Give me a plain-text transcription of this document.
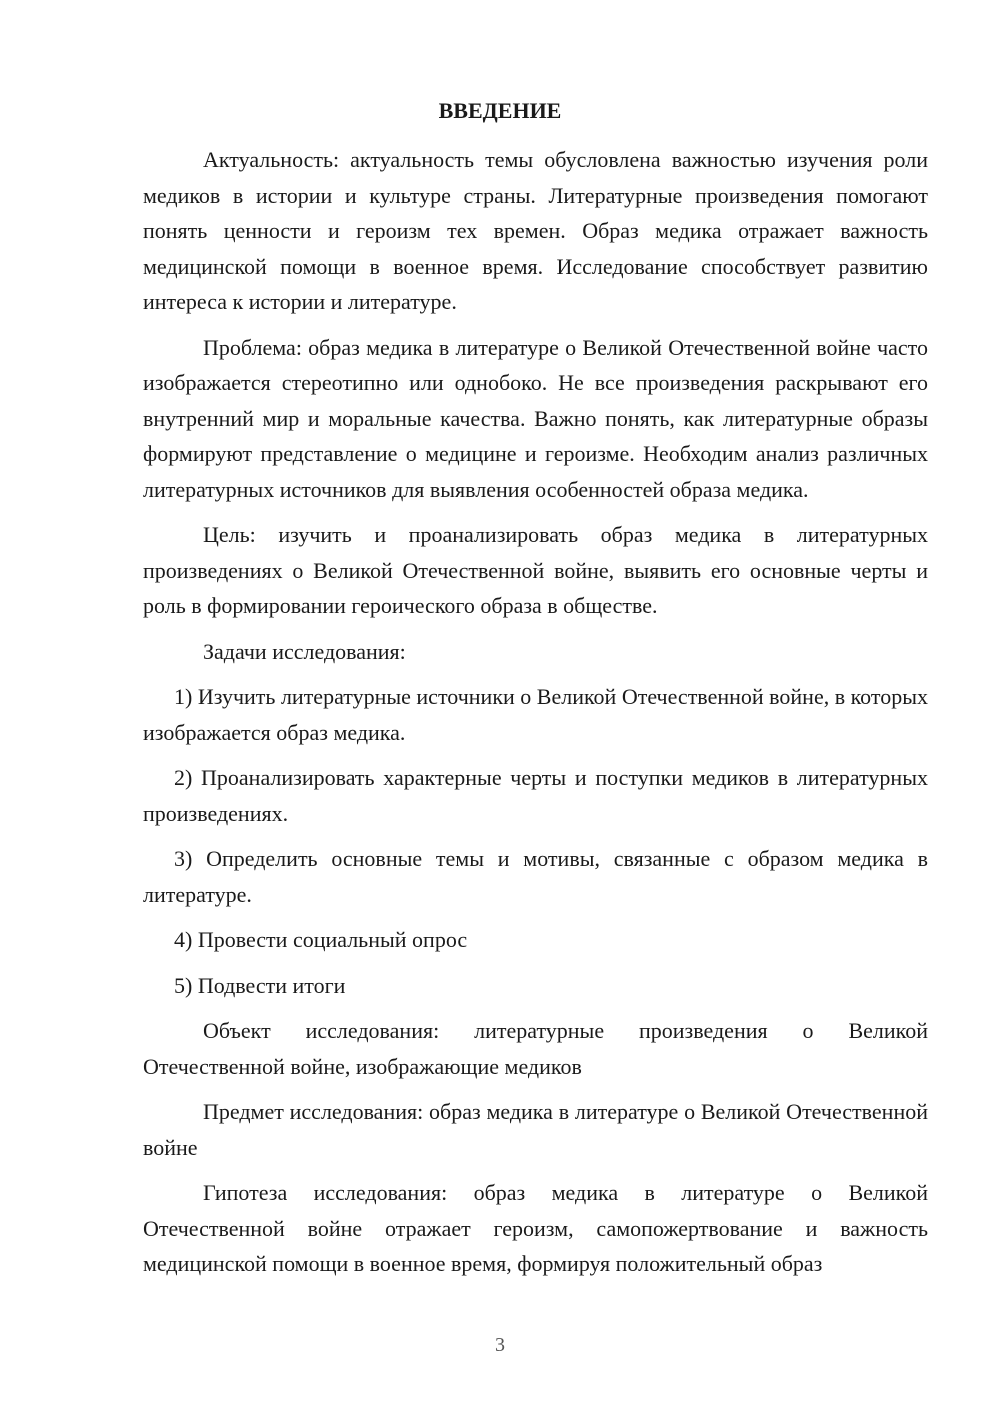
ВВЕДЕНИЕ

Актуальность: актуальность темы обусловлена важностью изучения роли медиков в истории и культуре страны. Литературные произведения помогают понять ценности и героизм тех времен. Образ медика отражает важность медицинской помощи в военное время. Исследование способствует развитию интереса к истории и литературе.

Проблема: образ медика в литературе о Великой Отечественной войне часто изображается стереотипно или однобоко. Не все произведения раскрывают его внутренний мир и моральные качества. Важно понять, как литературные образы формируют представление о медицине и героизме. Необходим анализ различных литературных источников для выявления особенностей образа медика.

Цель: изучить и проанализировать образ медика в литературных произведениях о Великой Отечественной войне, выявить его основные черты и роль в формировании героического образа в обществе.

Задачи исследования:

1) Изучить литературные источники о Великой Отечественной войне, в которых изображается образ медика.

2) Проанализировать характерные черты и поступки медиков в литературных произведениях.

3) Определить основные темы и мотивы, связанные с образом медика в литературе.

4) Провести социальный опрос

5) Подвести итоги

Объект исследования: литературные произведения о Великой Отечественной войне, изображающие медиков

Предмет исследования: образ медика в литературе о Великой Отечественной войне

Гипотеза исследования: образ медика в литературе о Великой Отечественной войне отражает героизм, самопожертвование и важность медицинской помощи в военное время, формируя положительный образ

3
